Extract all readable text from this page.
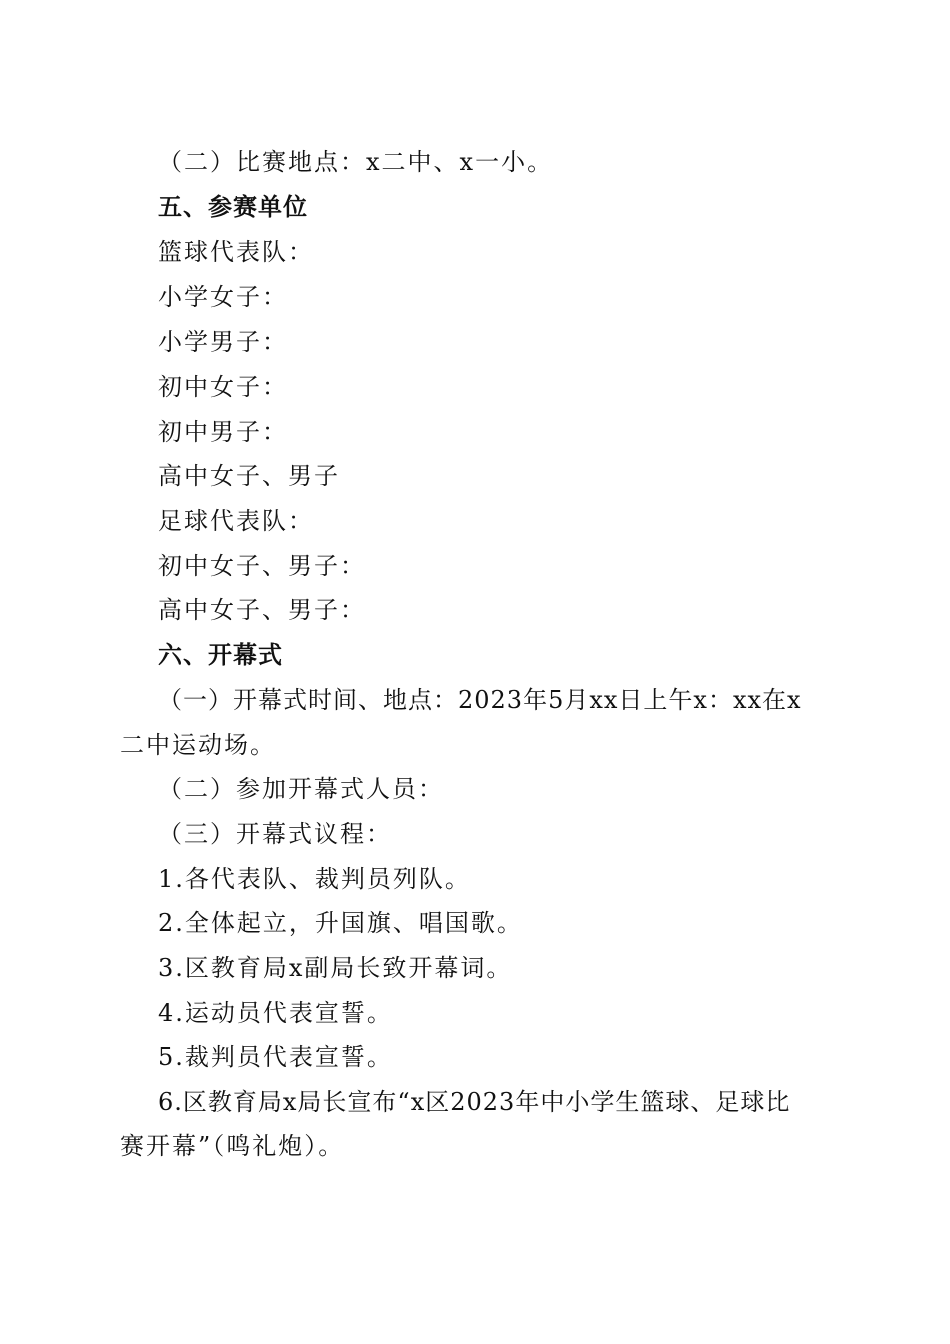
（二）比赛地点：x二中、x一小。
五、参赛单位
篮球代表队：
小学女子：
小学男子：
初中女子：
初中男子：
高中女子、男子
足球代表队：
初中女子、男子：
高中女子、男子：
六、开幕式
（一）开幕式时间、地点：2023年5月xx日上午x：xx在x
二中运动场。
（二）参加开幕式人员：
（三）开幕式议程：
1.各代表队、裁判员列队。
2.全体起立，升国旗、唱国歌。
3.区教育局x副局长致开幕词。
4.运动员代表宣誓。
5.裁判员代表宣誓。
6.区教育局x局长宣布“x区2023年中小学生篮球、足球比
赛开幕”（鸣礼炮）。
